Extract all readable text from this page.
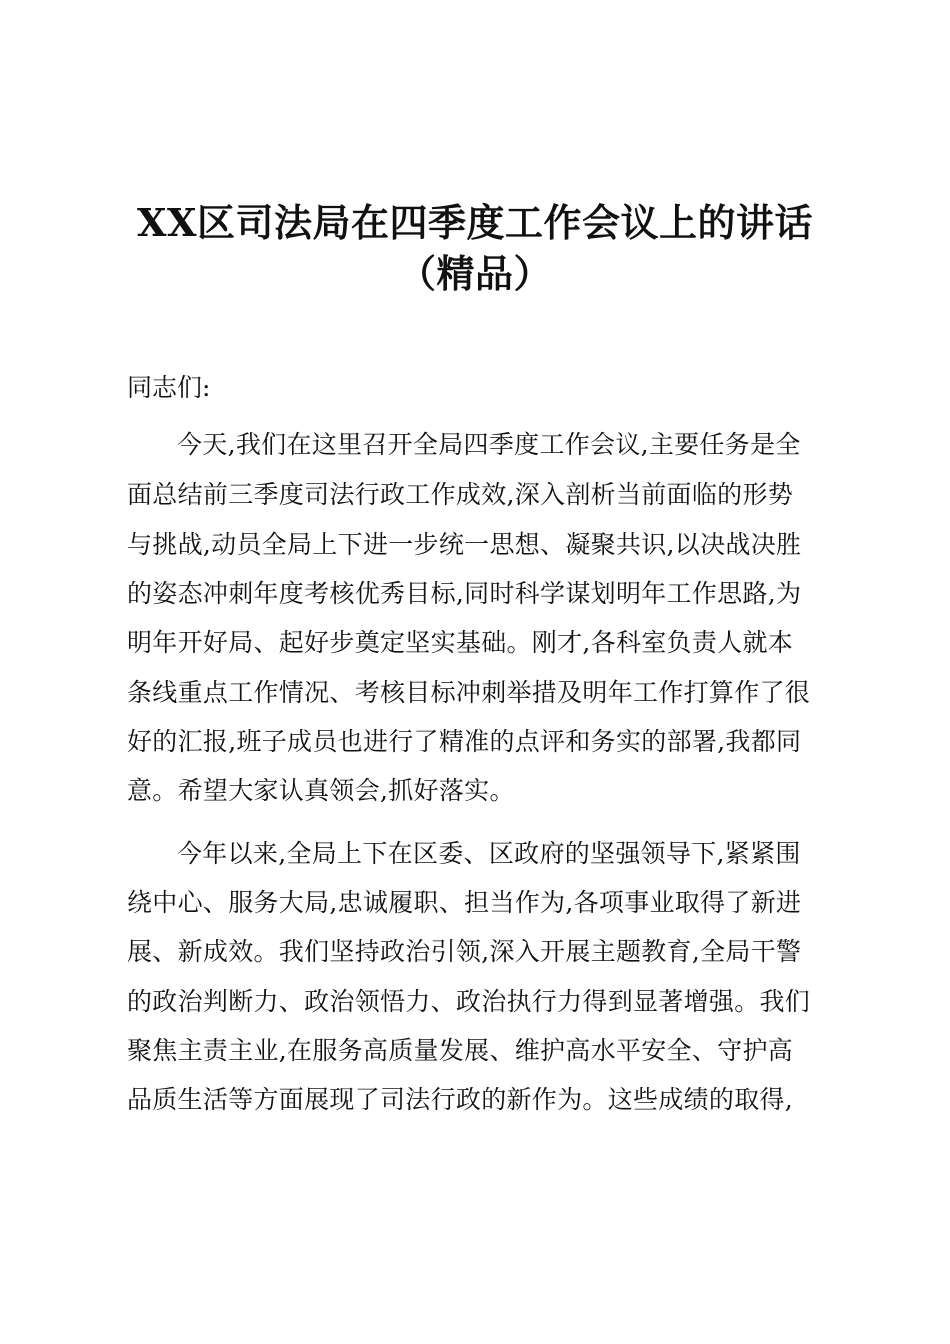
XX区司法局在四季度工作会议上的讲话
（精品）
同志们:
今天,我们在这里召开全局四季度工作会议,主要任务是全
面总结前三季度司法行政工作成效,深入剖析当前面临的形势
与挑战,动员全局上下进一步统一思想、凝聚共识,以决战决胜
的姿态冲刺年度考核优秀目标,同时科学谋划明年工作思路,为
明年开好局、起好步奠定坚实基础。刚才,各科室负责人就本
条线重点工作情况、考核目标冲刺举措及明年工作打算作了很
好的汇报,班子成员也进行了精准的点评和务实的部署,我都同
意。希望大家认真领会,抓好落实。
今年以来,全局上下在区委、区政府的坚强领导下,紧紧围
绕中心、服务大局,忠诚履职、担当作为,各项事业取得了新进
展、新成效。我们坚持政治引领,深入开展主题教育,全局干警
的政治判断力、政治领悟力、政治执行力得到显著增强。我们
聚焦主责主业,在服务高质量发展、维护高水平安全、守护高
品质生活等方面展现了司法行政的新作为。这些成绩的取得,
